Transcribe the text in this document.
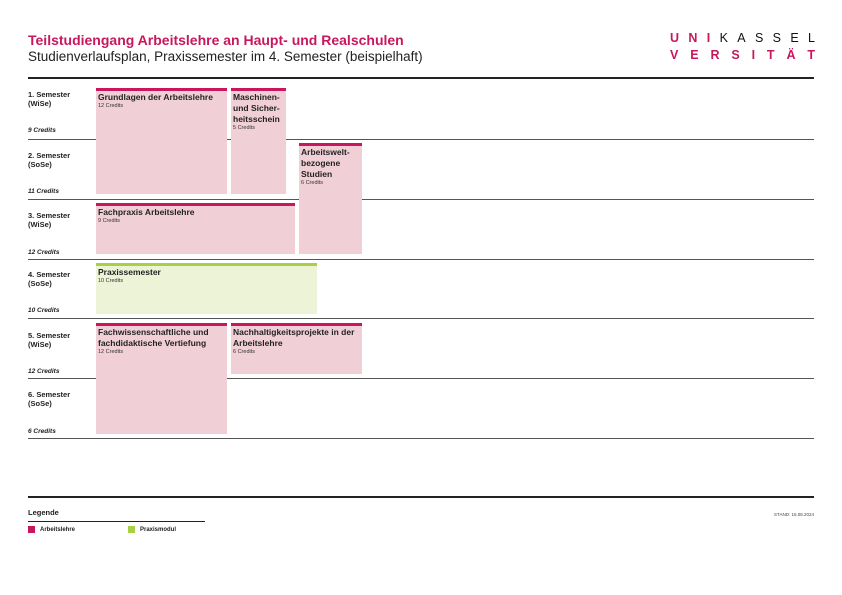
Teilstudiengang Arbeitslehre an Haupt- und Realschulen
Studienverlaufsplan, Praxissemester im 4. Semester (beispielhaft)
U N I K A S S E L
V E R S I T Ä T
1. Semester
(WiSe)
9 Credits
2. Semester
(SoSe)
11 Credits
3. Semester
(WiSe)
12 Credits
4. Semester
(SoSe)
10 Credits
5. Semester
(WiSe)
12 Credits
6. Semester
(SoSe)
6 Credits
Grundlagen der Arbeitslehre
12 Credits
Maschinen- und Sicher- heitsschein
5 Credits
Arbeitswelt- bezogene Studien
6 Credits
Fachpraxis Arbeitslehre
9 Credits
Praxissemester
10 Credits
Fachwissenschaftliche und fachdidaktische Vertiefung
12 Credits
Nachhaltigkeitsprojekte in der Arbeitslehre
6 Credits
Legende
Arbeitslehre	Praxismodul
STAND: 15.08.2024
